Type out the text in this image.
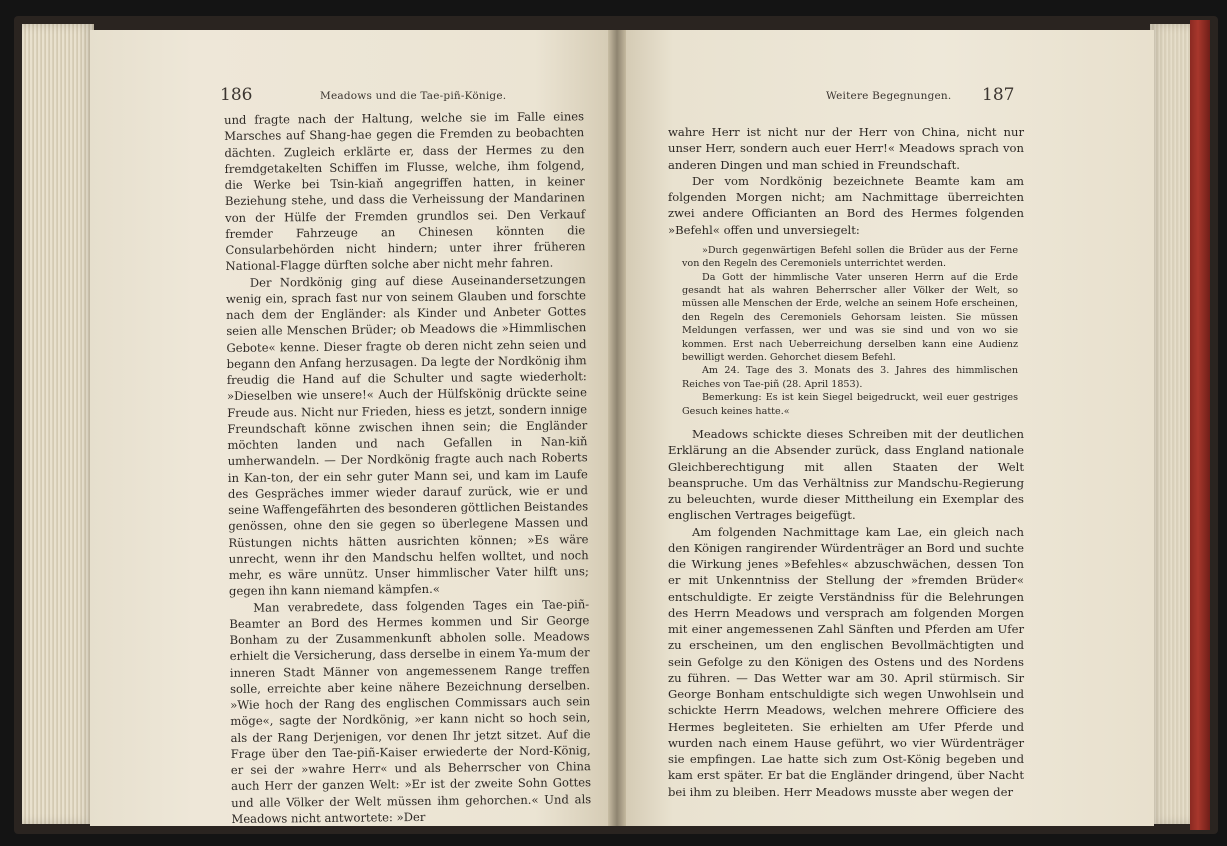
186	Meadows und die Tae-piñ-Könige.	Weitere Begegnungen. 187

und fragte nach der Haltung, welche sie im Falle eines Marsches auf Shang-hae gegen die Fremden zu beobachten dächten. Zugleich erklärte er, dass der Hermes zu den fremdgetakelten Schiffen im Flusse, welche, ihm folgend, die Werke bei Tsin-kiaň angegriffen hatten, in keiner Beziehung stehe, und dass die Verheissung der Mandarinen von der Hülfe der Fremden grundlos sei. Den Verkauf fremder Fahrzeuge an Chinesen könnten die Consularbehörden nicht hindern; unter ihrer früheren National-Flagge dürften solche aber nicht mehr fahren.

Der Nordkönig ging auf diese Auseinandersetzungen wenig ein, sprach fast nur von seinem Glauben und forschte nach dem der Engländer: als Kinder und Anbeter Gottes seien alle Menschen Brüder; ob Meadows die »Himmlischen Gebote« kenne. Dieser fragte ob deren nicht zehn seien und begann den Anfang herzusagen. Da legte der Nordkönig ihm freudig die Hand auf die Schulter und sagte wiederholt: »Dieselben wie unsere!« Auch der Hülfskönig drückte seine Freude aus. Nicht nur Frieden, hiess es jetzt, sondern innige Freundschaft könne zwischen ihnen sein; die Engländer möchten landen und nach Gefallen in Nan-kiň umherwandeln. — Der Nordkönig fragte auch nach Roberts in Kan-ton, der ein sehr guter Mann sei, und kam im Laufe des Gespräches immer wieder darauf zurück, wie er und seine Waffengefährten des besonderen göttlichen Beistandes genössen, ohne den sie gegen so überlegene Massen und Rüstungen nichts hätten ausrichten können; »Es wäre unrecht, wenn ihr den Mandschu helfen wolltet, und noch mehr, es wäre unnütz. Unser himmlischer Vater hilft uns; gegen ihn kann niemand kämpfen.«

Man verabredete, dass folgenden Tages ein Tae-piñ-Beamter an Bord des Hermes kommen und Sir George Bonham zu der Zusammenkunft abholen solle. Meadows erhielt die Versicherung, dass derselbe in einem Ya-mum der inneren Stadt Männer von angemessenem Range treffen solle, erreichte aber keine nähere Bezeichnung derselben. »Wie hoch der Rang des englischen Commissars auch sein möge«, sagte der Nordkönig, »er kann nicht so hoch sein, als der Rang Derjenigen, vor denen Ihr jetzt sitzet. Auf die Frage über den Tae-piñ-Kaiser erwiederte der Nord-König, er sei der »wahre Herr« und als Beherrscher von China auch Herr der ganzen Welt: »Er ist der zweite Sohn Gottes und alle Völker der Welt müssen ihm gehorchen.« Und als Meadows nicht antwortete: »Der

wahre Herr ist nicht nur der Herr von China, nicht nur unser Herr, sondern auch euer Herr!« Meadows sprach von anderen Dingen und man schied in Freundschaft.

Der vom Nordkönig bezeichnete Beamte kam am folgenden Morgen nicht; am Nachmittage überreichten zwei andere Officianten an Bord des Hermes folgenden »Befehl« offen und unversiegelt:

»Durch gegenwärtigen Befehl sollen die Brüder aus der Ferne von den Regeln des Ceremoniels unterrichtet werden.

Da Gott der himmlische Vater unseren Herrn auf die Erde gesandt hat als wahren Beherrscher aller Völker der Welt, so müssen alle Menschen der Erde, welche an seinem Hofe erscheinen, den Regeln des Ceremoniels Gehorsam leisten. Sie müssen Meldungen verfassen, wer und was sie sind und von wo sie kommen. Erst nach Ueberreichung derselben kann eine Audienz bewilligt werden. Gehorchet diesem Befehl.

Am 24. Tage des 3. Monats des 3. Jahres des himmlischen Reiches von Tae-piñ (28. April 1853).

Bemerkung: Es ist kein Siegel beigedruckt, weil euer gestriges Gesuch keines hatte.«

Meadows schickte dieses Schreiben mit der deutlichen Erklärung an die Absender zurück, dass England nationale Gleichberechtigung mit allen Staaten der Welt beanspruche. Um das Verhältniss zur Mandschu-Regierung zu beleuchten, wurde dieser Mittheilung ein Exemplar des englischen Vertrages beigefügt.

Am folgenden Nachmittage kam Lae, ein gleich nach den Königen rangirender Würdenträger an Bord und suchte die Wirkung jenes »Befehles« abzuschwächen, dessen Ton er mit Unkenntniss der Stellung der »fremden Brüder« entschuldigte. Er zeigte Verständniss für die Belehrungen des Herrn Meadows und versprach am folgenden Morgen mit einer angemessenen Zahl Sänften und Pferden am Ufer zu erscheinen, um den englischen Bevollmächtigten und sein Gefolge zu den Königen des Ostens und des Nordens zu führen. — Das Wetter war am 30. April stürmisch. Sir George Bonham entschuldigte sich wegen Unwohlsein und schickte Herrn Meadows, welchen mehrere Officiere des Hermes begleiteten. Sie erhielten am Ufer Pferde und wurden nach einem Hause geführt, wo vier Würdenträger sie empfingen. Lae hatte sich zum Ost-König begeben und kam erst später. Er bat die Engländer dringend, über Nacht bei ihm zu bleiben. Herr Meadows musste aber wegen der
